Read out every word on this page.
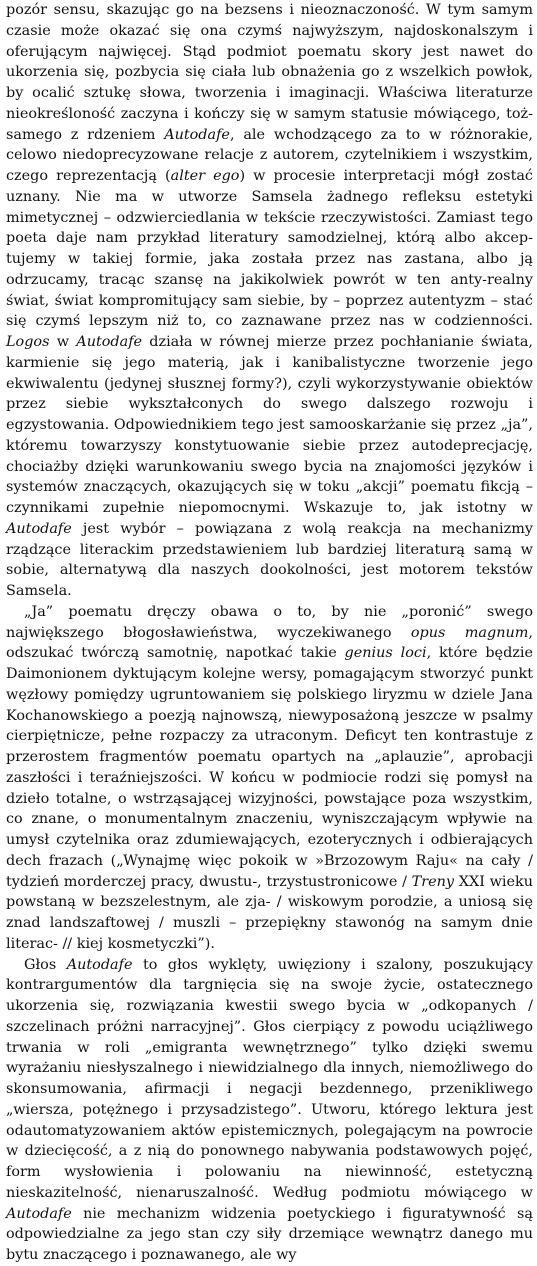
pozór sensu, skazując go na bezsens i nieoznaczoność. W tym samym czasie może okazać się ona czymś najwyższym, najdoskonalszym i oferującym najwięcej. Stąd podmiot poematu skory jest nawet do ukorzenia się, pozbycia się ciała lub obnażenia go z wszelkich powłok, by ocalić sztukę słowa, tworzenia i imaginacji. Właściwa literaturze nieokreśloność zaczyna i kończy się w samym statusie mówiącego, tożsamego z rdzeniem Autodafe, ale wchodzącego za to w różnorakie, celowo niedoprecyzowane relacje z autorem, czytelnikiem i wszystkim, czego reprezentacją (alter ego) w procesie interpretacji mógł zostać uznany. Nie ma w utworze Samsela żadnego refleksu estetyki mimetycznej – odzwierciedlania w tekście rzeczywistości. Zamiast tego poeta daje nam przykład literatury samodzielnej, którą albo akceptujemy w takiej formie, jaka została przez nas zastana, albo ją odrzucamy, tracąc szansę na jakikolwiek powrót w ten anty-realny świat, świat kompromitujący sam siebie, by – poprzez autentyzm – stać się czymś lepszym niż to, co zaznawane przez nas w codzienności. Logos w Autodafe działa w równej mierze przez pochłanianie świata, karmienie się jego materią, jak i kanibalistyczne tworzenie jego ekwiwalentu (jedynej słusznej formy?), czyli wykorzystywanie obiektów przez siebie wykształconych do swego dalszego rozwoju i egzystowania. Odpowiednikiem tego jest samooskarżanie się przez „ja”, któremu towarzyszy konstytuowanie siebie przez autodeprecjację, chociażby dzięki warunkowaniu swego bycia na znajomości języków i systemów znaczących, okazujących się w toku „akcji” poematu fikcją – czynnikami zupełnie niepomocnymi. Wskazuje to, jak istotny w Autodafe jest wybór – powiązana z wolą reakcja na mechanizmy rządzące literackim przedstawieniem lub bardziej literaturą samą w sobie, alternatywą dla naszych dookolności, jest motorem tekstów Samsela.

„Ja” poematu dręczy obawa o to, by nie „poronić” swego największego błogosławieństwa, wyczekiwanego opus magnum, odszukać twórczą samotnię, napotkać takie genius loci, które będzie Daimonionem dyktującym kolejne wersy, pomagającym stworzyć punkt węzłowy pomiędzy ugruntowaniem się polskiego liryzmu w dziele Jana Kochanowskiego a poezją najnowszą, niewyposażoną jeszcze w psalmy cierpiętnicze, pełne rozpaczy za utraconym. Deficyt ten kontrastuje z przerostem fragmentów poematu opartych na „aplauzie”, aprobacji zaszłości i teraźniejszości. W końcu w podmiocie rodzi się pomysł na dzieło totalne, o wstrząsającej wizyjności, powstające poza wszystkim, co znane, o monumentalnym znaczeniu, wyniszczającym wpływie na umysł czytelnika oraz zdumiewających, ezoterycznych i odbierających dech frazach („Wynajmę więc pokoik w »Brzozowym Raju« na cały / tydzień morderczej pracy, dwustu-, trzystustronicowe / Treny XXI wieku powstaną w bezszelestnym, ale zja- / wiskowym porodzie, a uniosą się znad landszaftowej / muszli – przepiękny stawonóg na samym dnie literac- // kiej kosmetyczki”).

Głos Autodafe to głos wyklęty, uwięziony i szalony, poszukujący kontrargumentów dla targnięcia się na swoje życie, ostatecznego ukorzenia się, rozwiązania kwestii swego bycia w „odkopanych / szczelinach próżni narracyjnej”. Głos cierpiący z powodu uciążliwego trwania w roli „emigranta wewnętrznego” tylko dzięki swemu wyrażaniu niesłyszalnego i niewidzialnego dla innych, niemożliwego do skonsumowania, afirmacji i negacji bezdennego, przenikliwego „wiersza, potężnego i przysadzistego”. Utworu, którego lektura jest odautomatyzowaniem aktów epistemicznych, polegającym na powrocie w dziecięcość, a z nią do ponownego nabywania podstawowych pojęć, form wysłowienia i polowaniu na niewinność, estetyczną nieskazitelność, nienaruszalność. Według podmiotu mówiącego w Autodafe nie mechanizm widzenia poetyckiego i figuratywność są odpowiedzialne za jego stan czy siły drzemiące wewnątrz danego mu bytu znaczącego i poznawanego, ale wy
